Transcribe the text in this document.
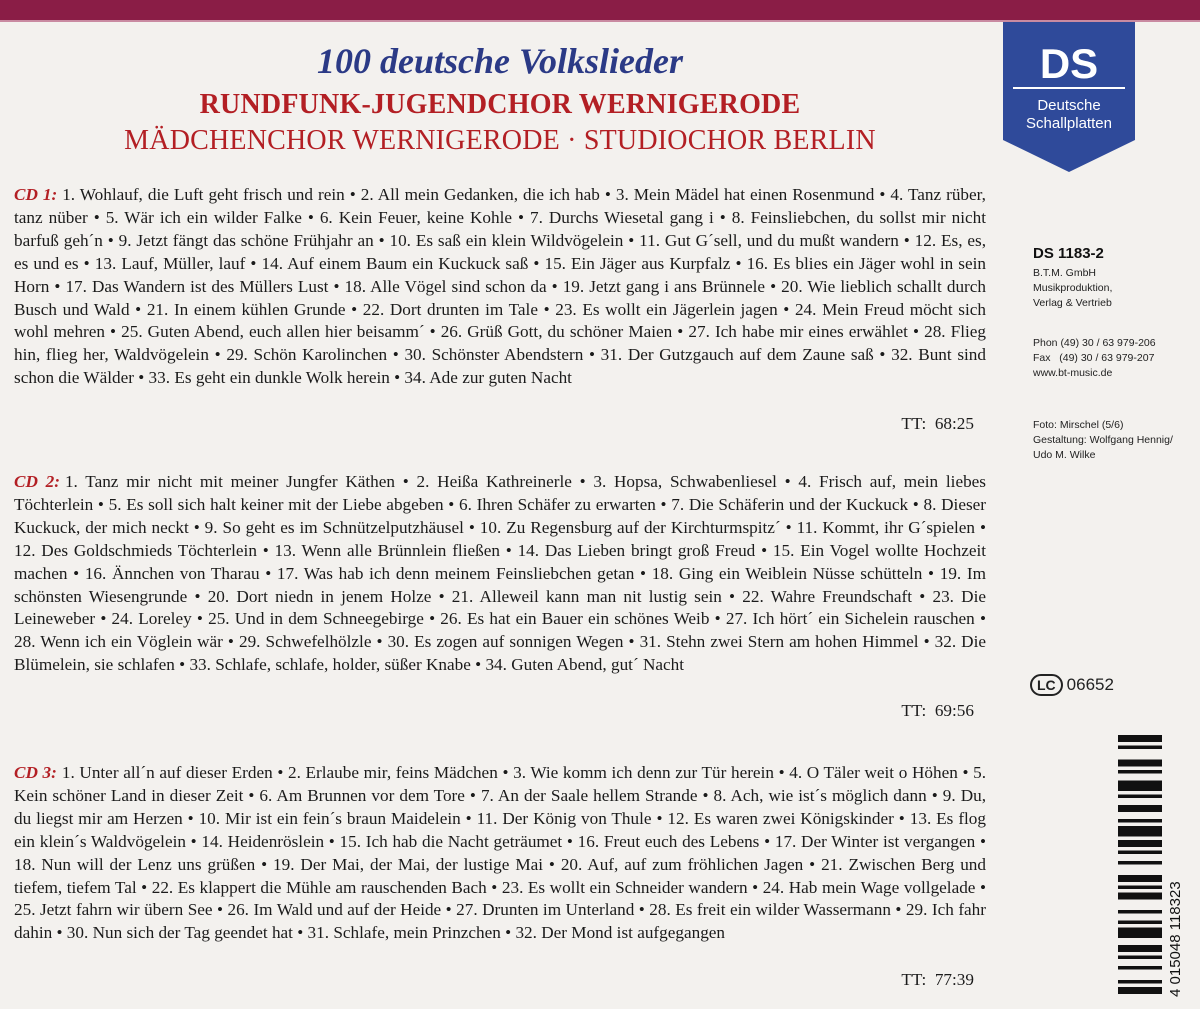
100 deutsche Volkslieder
RUNDFUNK-JUGENDCHOR WERNIGERODE
MÄDCHENCHOR WERNIGERODE · STUDIOCHOR BERLIN
DS
Deutsche
Schallplatten
DS 1183-2
B.T.M. GmbH
Musikproduktion,
Verlag & Vertrieb
Phon (49) 30 / 63 979-206
Fax   (49) 30 / 63 979-207
www.bt-music.de
Foto: Mirschel (5/6)
Gestaltung: Wolfgang Hennig/
Udo M. Wilke
LC 06652
4 015048 118323
CD 1: 1. Wohlauf, die Luft geht frisch und rein • 2. All mein Gedanken, die ich hab • 3. Mein Mädel hat einen Rosenmund • 4. Tanz rüber, tanz nüber • 5. Wär ich ein wilder Falke • 6. Kein Feuer, keine Kohle • 7. Durchs Wiesetal gang i • 8. Feinsliebchen, du sollst mir nicht barfuß geh´n • 9. Jetzt fängt das schöne Frühjahr an • 10. Es saß ein klein Wildvögelein • 11. Gut G´sell, und du mußt wandern • 12. Es, es, es und es • 13. Lauf, Müller, lauf • 14. Auf einem Baum ein Kuckuck saß • 15. Ein Jäger aus Kurpfalz • 16. Es blies ein Jäger wohl in sein Horn • 17. Das Wandern ist des Müllers Lust • 18. Alle Vögel sind schon da • 19. Jetzt gang i ans Brünnele • 20. Wie lieblich schallt durch Busch und Wald • 21. In einem kühlen Grunde • 22. Dort drunten im Tale • 23. Es wollt ein Jägerlein jagen • 24. Mein Freud möcht sich wohl mehren • 25. Guten Abend, euch allen hier beisamm´ • 26. Grüß Gott, du schöner Maien • 27. Ich habe mir eines erwählet • 28. Flieg hin, flieg her, Waldvögelein • 29. Schön Karolinchen • 30. Schönster Abendstern • 31. Der Gutzgauch auf dem Zaune saß • 32. Bunt sind schon die Wälder • 33. Es geht ein dunkle Wolk herein • 34. Ade zur guten Nacht
TT:  68:25
CD 2: 1. Tanz mir nicht mit meiner Jungfer Käthen • 2. Heißa Kathreinerle • 3. Hopsa, Schwabenliesel • 4. Frisch auf, mein liebes Töchterlein • 5. Es soll sich halt keiner mit der Liebe abgeben • 6. Ihren Schäfer zu erwarten • 7. Die Schäferin und der Kuckuck • 8. Dieser Kuckuck, der mich neckt • 9. So geht es im Schnützelputzhäusel • 10. Zu Regensburg auf der Kirchturmspitz´ • 11. Kommt, ihr G´spielen • 12. Des Goldschmieds Töchterlein • 13. Wenn alle Brünnlein fließen • 14. Das Lieben bringt groß Freud • 15. Ein Vogel wollte Hochzeit machen • 16. Ännchen von Tharau • 17. Was hab ich denn meinem Feinsliebchen getan • 18. Ging ein Weiblein Nüsse schütteln • 19. Im schönsten Wiesengrunde • 20. Dort niedn in jenem Holze • 21. Alleweil kann man nit lustig sein • 22. Wahre Freundschaft • 23. Die Leineweber • 24. Loreley • 25. Und in dem Schneegebirge • 26. Es hat ein Bauer ein schönes Weib • 27. Ich hört´ ein Sichelein rauschen • 28. Wenn ich ein Vöglein wär • 29. Schwefelhölzle • 30. Es zogen auf sonnigen Wegen • 31. Stehn zwei Stern am hohen Himmel • 32. Die Blümelein, sie schlafen • 33. Schlafe, schlafe, holder, süßer Knabe • 34. Guten Abend, gut´ Nacht
TT:  69:56
CD 3: 1. Unter all´n auf dieser Erden • 2. Erlaube mir, feins Mädchen • 3. Wie komm ich denn zur Tür herein • 4. O Täler weit o Höhen • 5. Kein schöner Land in dieser Zeit • 6. Am Brunnen vor dem Tore • 7. An der Saale hellem Strande • 8. Ach, wie ist´s möglich dann • 9. Du, du liegst mir am Herzen • 10. Mir ist ein fein´s braun Maidelein • 11. Der König von Thule • 12. Es waren zwei Königskinder • 13. Es flog ein klein´s Waldvögelein • 14. Heidenröslein • 15. Ich hab die Nacht geträumet • 16. Freut euch des Lebens • 17. Der Winter ist vergangen • 18. Nun will der Lenz uns grüßen • 19. Der Mai, der Mai, der lustige Mai • 20. Auf, auf zum fröhlichen Jagen • 21. Zwischen Berg und tiefem, tiefem Tal • 22. Es klappert die Mühle am rauschenden Bach • 23. Es wollt ein Schneider wandern • 24. Hab mein Wage vollgelade • 25. Jetzt fahrn wir übern See • 26. Im Wald und auf der Heide • 27. Drunten im Unterland • 28. Es freit ein wilder Wassermann • 29. Ich fahr dahin • 30. Nun sich der Tag geendet hat • 31. Schlafe, mein Prinzchen • 32. Der Mond ist aufgegangen
TT:  77:39
